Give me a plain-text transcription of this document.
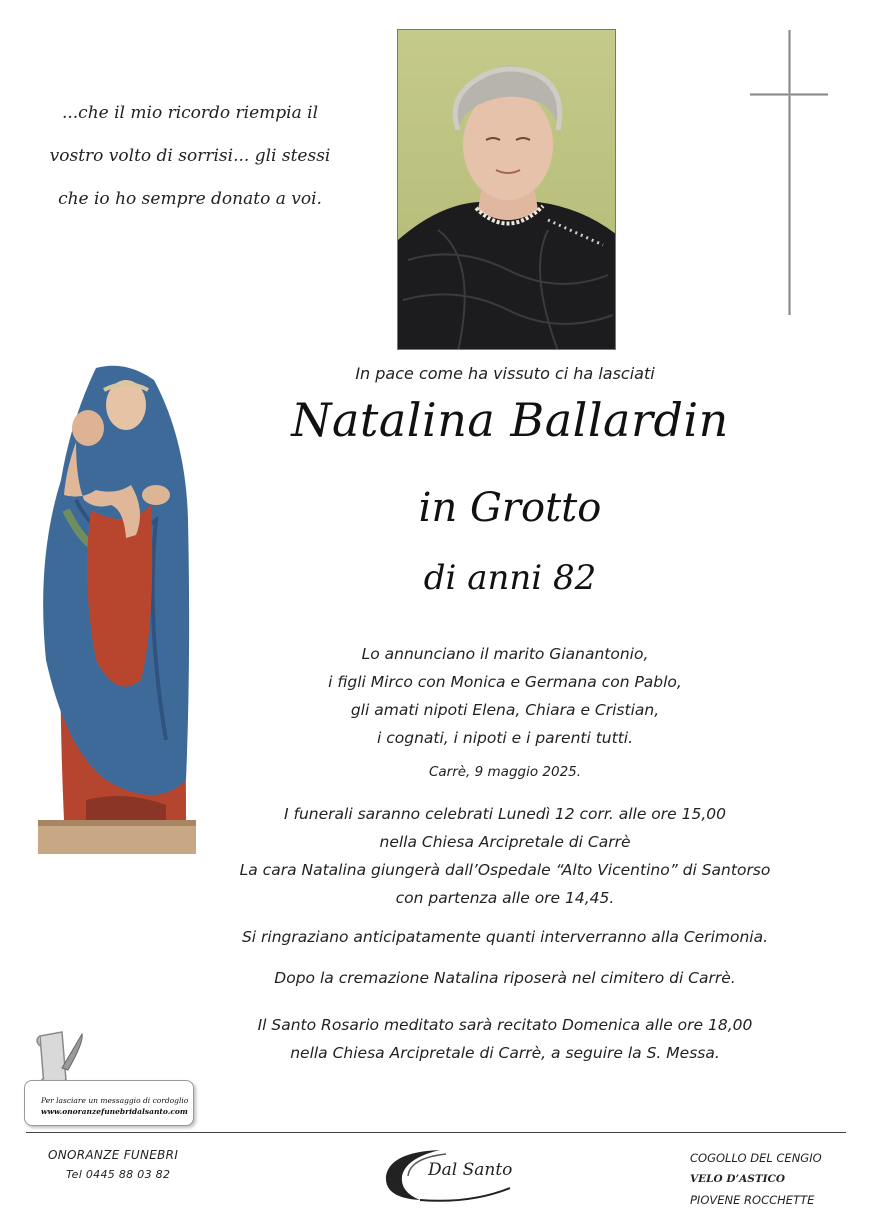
...che il mio ricordo riempia il
vostro volto di sorrisi... gli stessi
che io ho sempre donato a voi.
In pace come ha vissuto ci ha lasciati
Natalina Ballardin
in Grotto
di anni 82
Lo annunciano il marito Gianantonio,
i figli Mirco con Monica e Germana con Pablo,
gli amati nipoti Elena, Chiara e Cristian,
i cognati, i nipoti e i parenti tutti.
Carrè, 9 maggio 2025.
I funerali saranno celebrati Lunedì 12 corr. alle ore 15,00
nella Chiesa Arcipretale di Carrè
La cara Natalina giungerà dall’Ospedale “Alto Vicentino” di Santorso
con partenza alle ore 14,45.
Si ringraziano anticipatamente quanti interverranno alla Cerimonia.
Dopo la cremazione Natalina riposerà nel cimitero di Carrè.
Il Santo Rosario meditato sarà recitato Domenica alle ore 18,00
nella Chiesa Arcipretale di Carrè, a seguire la S. Messa.
Per lasciare un messaggio di cordoglio
www.onoranzefunebridalsanto.com
ONORANZE FUNEBRI
Tel 0445 88 03 82	Dal Santo
COGOLLO DEL CENGIO
VELO D’ASTICO
PIOVENE ROCCHETTE
